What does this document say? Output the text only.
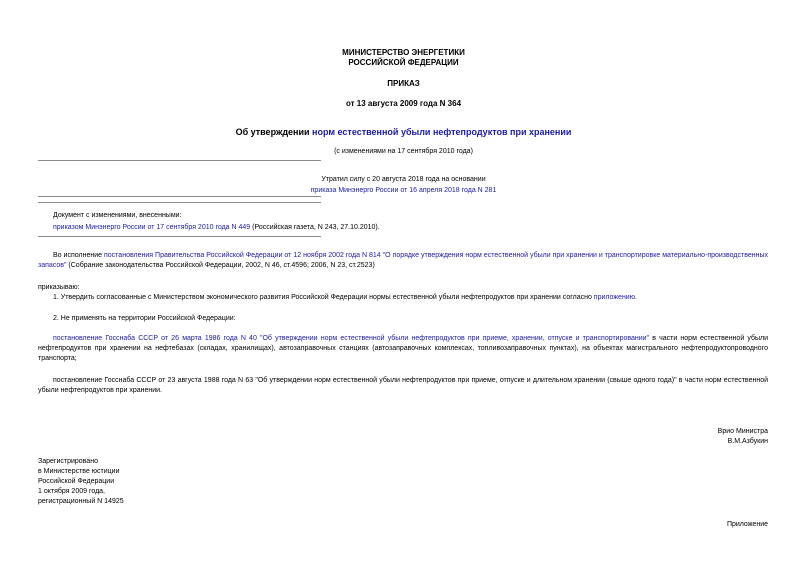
МИНИСТЕРСТВО ЭНЕРГЕТИКИ
РОССИЙСКОЙ ФЕДЕРАЦИИ
ПРИКАЗ
от 13 августа 2009 года N 364
Об утверждении норм естественной убыли нефтепродуктов при хранении
(с изменениями на 17 сентября 2010 года)
Утратил силу с 20 августа 2018 года на основании
приказа Минэнерго России от 16 апреля 2018 года N 281
Документ с изменениями, внесенными:
приказом Минэнерго России от 17 сентября 2010 года N 449 (Российская газета, N 243, 27.10.2010).
Во исполнение постановления Правительства Российской Федерации от 12 ноября 2002 года N 814 "О порядке утверждения норм естественной убыли при хранении и транспортировке материально-производственных запасов" (Собрание законодательства Российской Федерации, 2002, N 46, ст.4596; 2006, N 23, ст.2523)
приказываю:
1. Утвердить согласованные с Министерством экономического развития Российской Федерации нормы естественной убыли нефтепродуктов при хранении согласно приложению.
2. Не применять на территории Российской Федерации:
постановление Госснаба СССР от 26 марта 1986 года N 40 "Об утверждении норм естественной убыли нефтепродуктов при приеме, хранении, отпуске и транспортировании" в части норм естественной убыли нефтепродуктов при хранении на нефтебазах (складах, хранилищах), автозаправочных станциях (автозаправочных комплексах, топливозаправочных пунктах), на объектах магистрального нефтепродуктопроводного транспорта;
постановление Госснаба СССР от 23 августа 1988 года N 63 "Об утверждении норм естественной убыли нефтепродуктов при приеме, отпуске и длительном хранении (свыше одного года)" в части норм естественной убыли нефтепродуктов при хранении.
Врио Министра
В.М.Азбукин
Зарегистрировано
в Министерстве юстиции
Российской Федерации
1 октября 2009 года,
регистрационный N 14925
Приложение
